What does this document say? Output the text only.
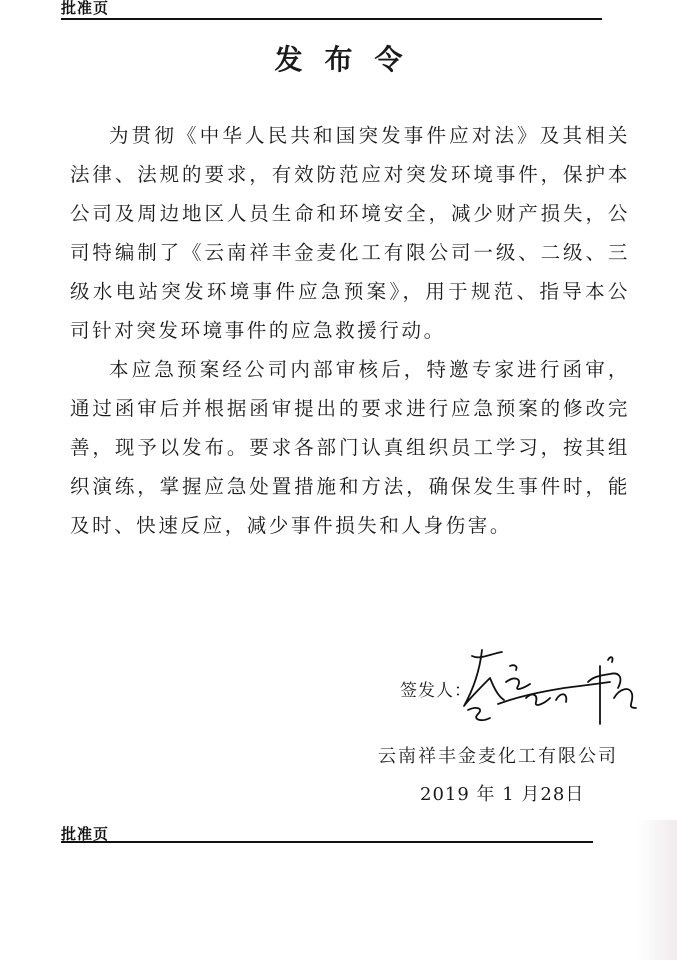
批准页
发布令

为贯彻《中华人民共和国突发事件应对法》及其相关法律、法规的要求，有效防范应对突发环境事件，保护本公司及周边地区人员生命和环境安全，减少财产损失，公司特编制了《云南祥丰金麦化工有限公司一级、二级、三级水电站突发环境事件应急预案》，用于规范、指导本公司针对突发环境事件的应急救援行动。

本应急预案经公司内部审核后，特邀专家进行函审，通过函审后并根据函审提出的要求进行应急预案的修改完善，现予以发布。要求各部门认真组织员工学习，按其组织演练，掌握应急处置措施和方法，确保发生事件时，能及时、快速反应，减少事件损失和人身伤害。

签发人：
云南祥丰金麦化工有限公司
2019 年 1 月28日
批准页
